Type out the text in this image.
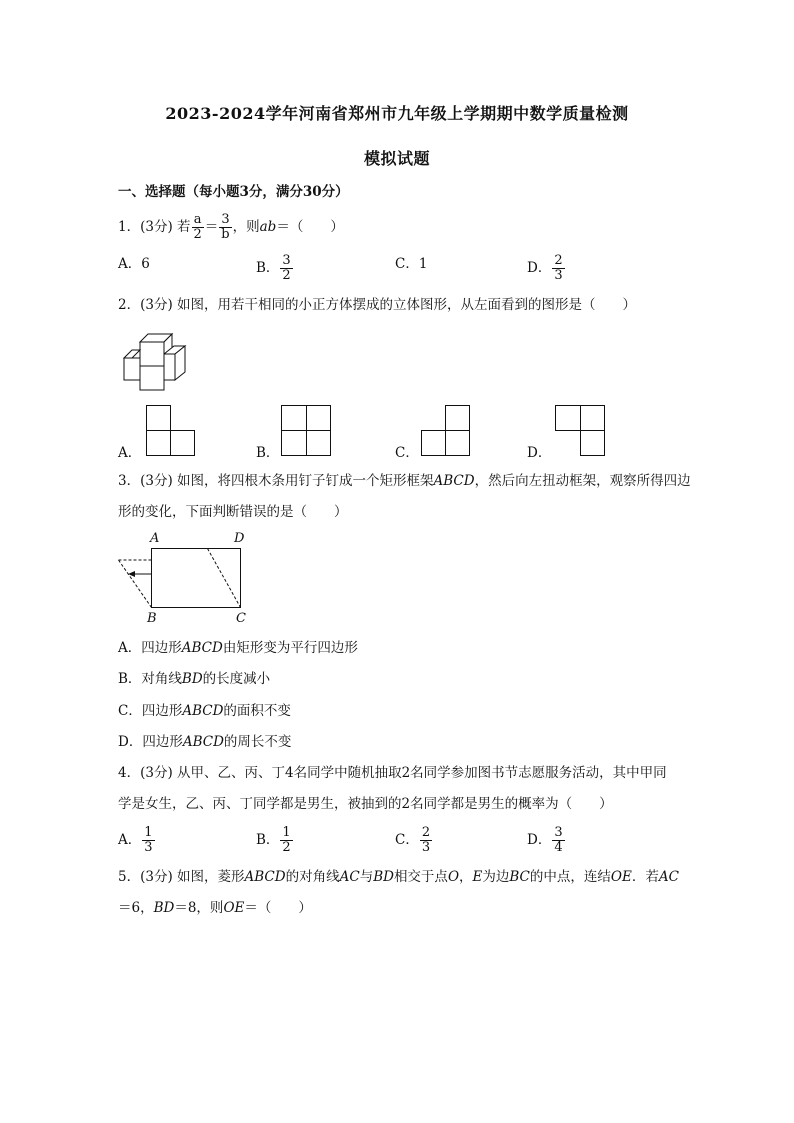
2023-2024学年河南省郑州市九年级上学期期中数学质量检测
模拟试题
一、选择题（每小题3分，满分30分）
1．(3分) 若 $\frac{a}{2} = \frac{3}{b}$ ，则ab＝（　　）
A．6	B． $\frac{3}{2}$	C．1	D． $\frac{2}{3}$
2．(3分) 如图，用若干相同的小正方体摆成的立体图形，从左面看到的图形是（　　）
A．	B．	C．	D．
3．(3分) 如图，将四根木条用钉子钉成一个矩形框架ABCD，然后向左扭动框架，观察所得四边
形的变化，下面判断错误的是（　　）
A	D
B	C
A．四边形ABCD由矩形变为平行四边形
B．对角线BD的长度减小
C．四边形ABCD的面积不变
D．四边形ABCD的周长不变
4．(3分) 从甲、乙、丙、丁4名同学中随机抽取2名同学参加图书节志愿服务活动，其中甲同
学是女生，乙、丙、丁同学都是男生，被抽到的2名同学都是男生的概率为（　　）
A． $\frac{1}{3}$	B． $\frac{1}{2}$	C． $\frac{2}{3}$	D． $\frac{3}{4}$
5．(3分) 如图，菱形ABCD的对角线AC与BD相交于点O，E为边BC的中点，连结OE．若AC
＝6，BD＝8，则OE＝（　　）
